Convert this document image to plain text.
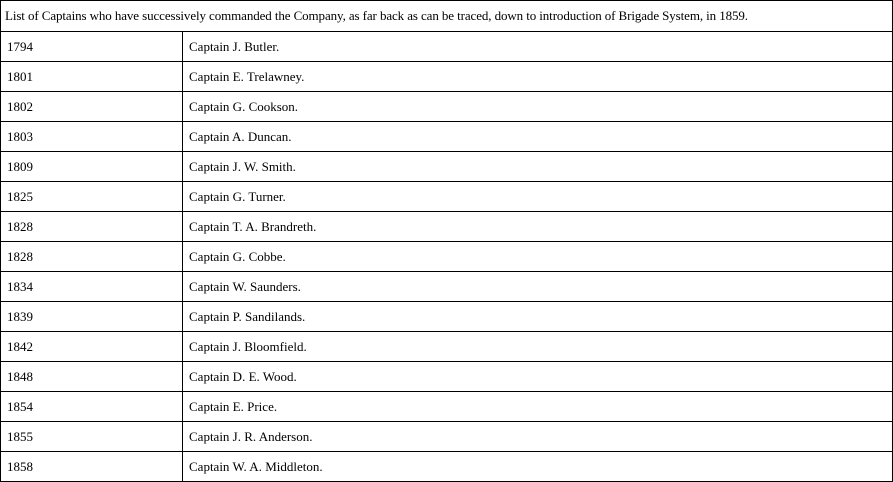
List of Captains who have successively commanded the Company, as far back as can be traced, down to introduction of Brigade System, in 1859.	
1794	Captain J. Butler.
1801	Captain E. Trelawney.
1802	Captain G. Cookson.
1803	Captain A. Duncan.
1809	Captain J. W. Smith.
1825	Captain G. Turner.
1828	Captain T. A. Brandreth.
1828	Captain G. Cobbe.
1834	Captain W. Saunders.
1839	Captain P. Sandilands.
1842	Captain J. Bloomfield.
1848	Captain D. E. Wood.
1854	Captain E. Price.
1855	Captain J. R. Anderson.
1858	Captain W. A. Middleton.
